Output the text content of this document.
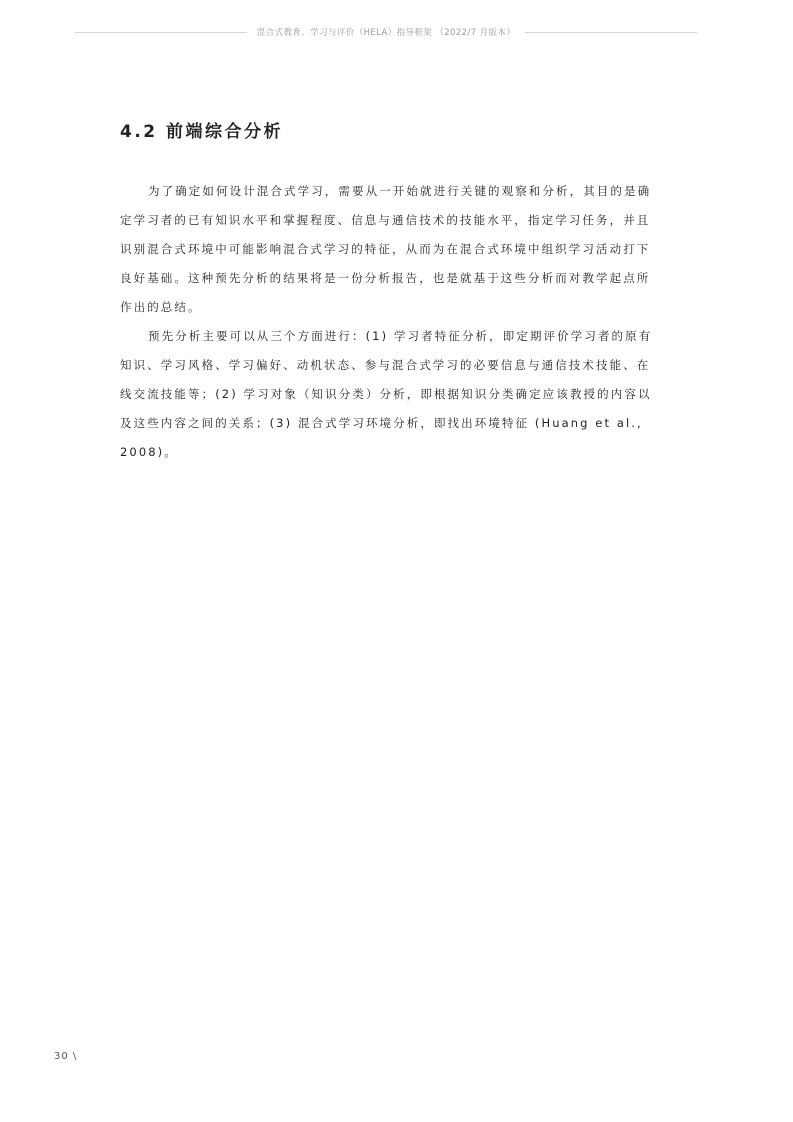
混合式教育、学习与评价（HELA）指导框架 （2022/7 月版本）
4.2 前端综合分析

为了确定如何设计混合式学习，需要从一开始就进行关键的观察和分析，其目的是确定学习者的已有知识水平和掌握程度、信息与通信技术的技能水平，指定学习任务，并且识别混合式环境中可能影响混合式学习的特征，从而为在混合式环境中组织学习活动打下良好基础。这种预先分析的结果将是一份分析报告，也是就基于这些分析而对教学起点所作出的总结。

预先分析主要可以从三个方面进行：(1) 学习者特征分析，即定期评价学习者的原有知识、学习风格、学习偏好、动机状态、参与混合式学习的必要信息与通信技术技能、在线交流技能等；(2) 学习对象（知识分类）分析，即根据知识分类确定应该教授的内容以及这些内容之间的关系；(3) 混合式学习环境分析，即找出环境特征 (Huang et al., 2008)。

30 \
